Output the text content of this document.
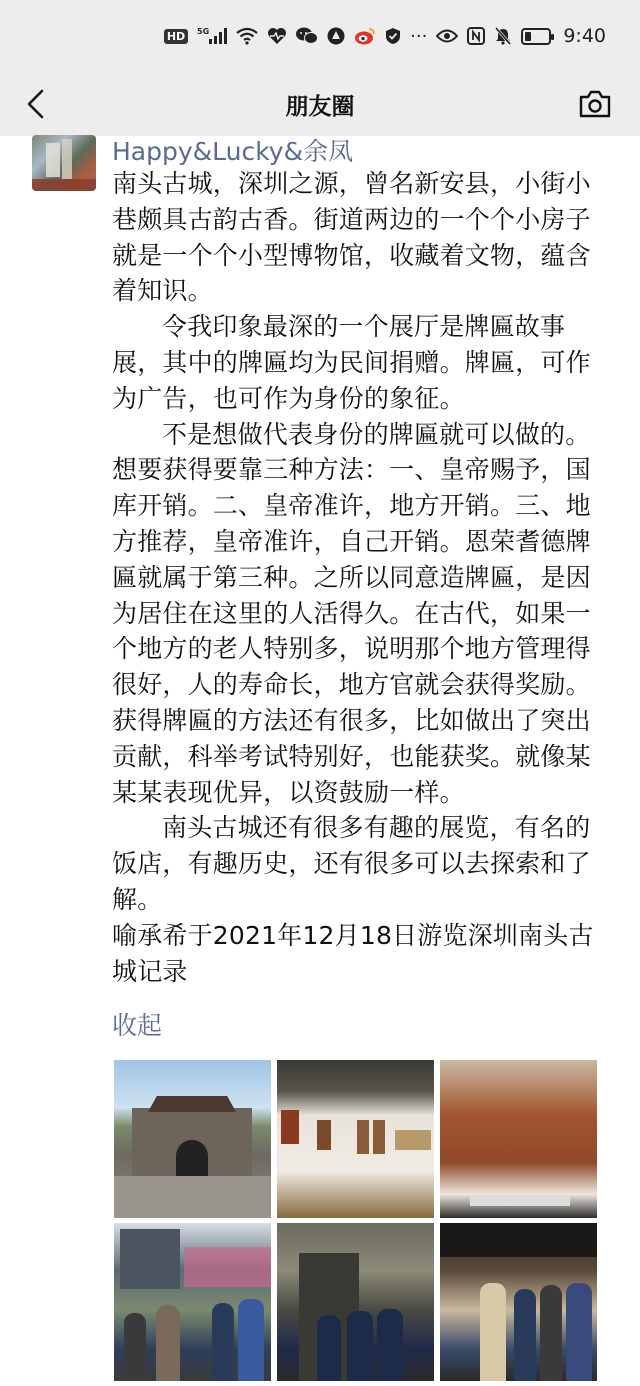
HD	5G	···	9:40
朋友圈
Happy&Lucky&余凤

南头古城，深圳之源，曾名新安县，小街小巷颇具古韵古香。街道两边的一个个小房子就是一个个小型博物馆，收藏着文物，蕴含着知识。

令我印象最深的一个展厅是牌匾故事展，其中的牌匾均为民间捐赠。牌匾，可作为广告，也可作为身份的象征。

不是想做代表身份的牌匾就可以做的。想要获得要靠三种方法：一、皇帝赐予，国库开销。二、皇帝准许，地方开销。三、地方推荐，皇帝准许，自己开销。恩荣耆德牌匾就属于第三种。之所以同意造牌匾，是因为居住在这里的人活得久。在古代，如果一个地方的老人特别多，说明那个地方管理得很好，人的寿命长，地方官就会获得奖励。获得牌匾的方法还有很多，比如做出了突出贡献，科举考试特别好，也能获奖。就像某某某表现优异，以资鼓励一样。

南头古城还有很多有趣的展览，有名的饭店，有趣历史，还有很多可以去探索和了解。

喻承希于2021年12月18日游览深圳南头古城记录

收起
